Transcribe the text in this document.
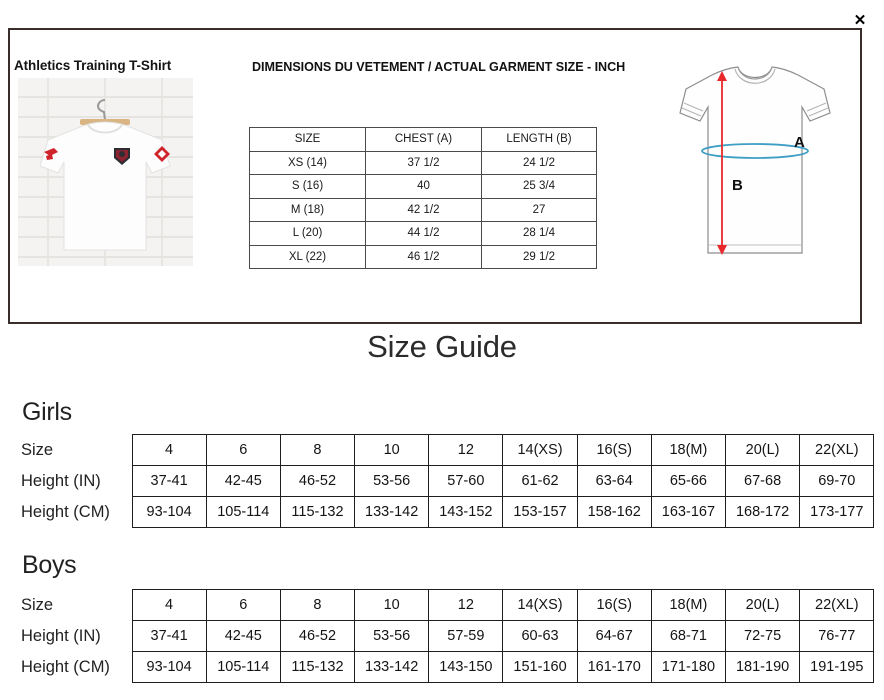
✕
Athletics Training T-Shirt	DIMENSIONS DU VETEMENT / ACTUAL GARMENT SIZE - INCH
SIZE	CHEST (A)	LENGTH (B)
XS (14)	37 1/2	24 1/2
S (16)	40	25 3/4
M (18)	42 1/2	27
L (20)	44 1/2	28 1/4
XL (22)	46 1/2	29 1/2
A
B
Size Guide
Girls
Size	4	6	8	10	12	14(XS)	16(S)	18(M)	20(L)	22(XL)
Height (IN)	37-41	42-45	46-52	53-56	57-60	61-62	63-64	65-66	67-68	69-70
Height (CM)	93-104	105-114	115-132	133-142	143-152	153-157	158-162	163-167	168-172	173-177
Boys
Size	4	6	8	10	12	14(XS)	16(S)	18(M)	20(L)	22(XL)
Height (IN)	37-41	42-45	46-52	53-56	57-59	60-63	64-67	68-71	72-75	76-77
Height (CM)	93-104	105-114	115-132	133-142	143-150	151-160	161-170	171-180	181-190	191-195
